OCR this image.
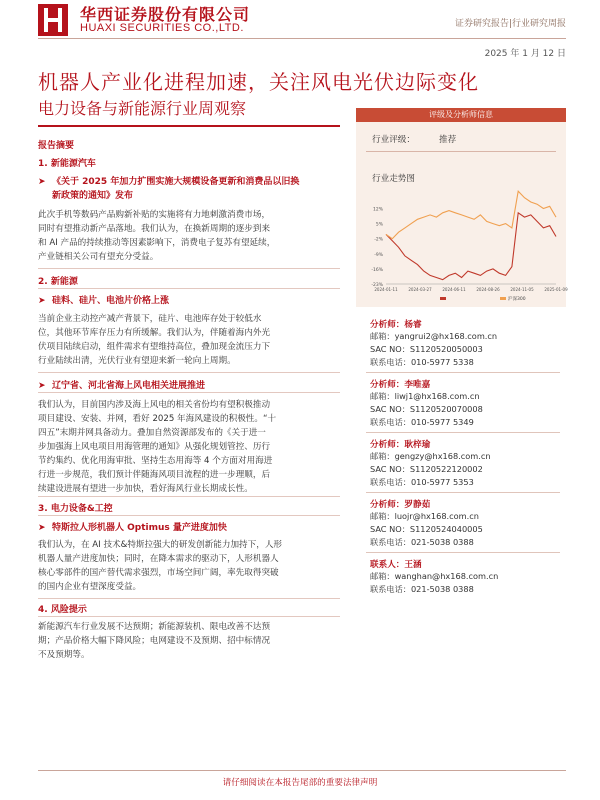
华西证券股份有限公司
HUAXI SECURITIES CO.,LTD.	证券研究报告|行业研究周报
2025 年 1 月 12 日
机器人产业化进程加速，关注风电光伏边际变化
电力设备与新能源行业周观察
报告摘要
1. 新能源汽车
➤ 《关于 2025 年加力扩围实施大规模设备更新和消费品以旧换
新政策的通知》发布
此次手机等数码产品购新补贴的实施将有力地刺激消费市场，
同时有望推动新产品落地。我们认为，在换新周期的逐步到来
和 AI 产品的持续推动等因素影响下，消费电子复苏有望延续，
产业链相关公司有望充分受益。
2. 新能源
➤ 硅料、硅片、电池片价格上涨
当前企业主动控产减产背景下，硅片、电池库存处于较低水
位，其他环节库存压力有所缓解。我们认为，伴随着海内外光
伏项目陆续启动，组件需求有望维持高位，叠加现金流压力下
行业陆续出清，光伏行业有望迎来新一轮向上周期。
➤ 辽宁省、河北省海上风电相关进展推进
我们认为，目前国内涉及海上风电的相关省份均有望积极推动
项目建设、安装、并网，看好 2025 年海风建设的积极性。“十
四五”末期并网具备动力。叠加自然资源部发布的《关于进一
步加强海上风电项目用海管理的通知》从强化规划管控、历行
节约集约、优化用海审批、坚持生态用海等 4 个方面对用海进
行进一步规范，我们预计伴随海风项目流程的进一步理顺，后
续建设进展有望进一步加快，看好海风行业长期成长性。
3. 电力设备&工控
➤ 特斯拉人形机器人 Optimus 量产进度加快
我们认为，在 AI 技术&特斯拉强大的研发创新能力加持下，人形
机器人量产进度加快；同时，在降本需求的驱动下，人形机器人
核心零部件的国产替代需求强烈，市场空间广阔，率先取得突破
的国内企业有望深度受益。
4. 风险提示
新能源汽车行业发展不达预期；新能源装机、限电改善不达预
期；产品价格大幅下降风险；电网建设不及预期、招中标情况
不及预期等。
评级及分析师信息
行业评级：	推荐
行业走势图
12%
5%
-2%
-9%
-16%
-23%
2024-01-11	2024-03-27	2024-06-11	2024-08-26	2024-11-05	2025-01-09
沪深300
分析师：杨睿
邮箱：yangrui2@hx168.com.cn
SAC NO：S1120520050003
联系电话：010-5977 5338
分析师：李唯嘉
邮箱：liwj1@hx168.com.cn
SAC NO：S1120520070008
联系电话：010-5977 5349
分析师：耿梓瑜
邮箱：gengzy@hx168.com.cn
SAC NO：S1120522120002
联系电话：010-5977 5353
分析师：罗静茹
邮箱：luojr@hx168.com.cn
SAC NO：S1120524040005
联系电话：021-5038 0388
联系人：王涵
邮箱：wanghan@hx168.com.cn
联系电话：021-5038 0388
请仔细阅读在本报告尾部的重要法律声明
